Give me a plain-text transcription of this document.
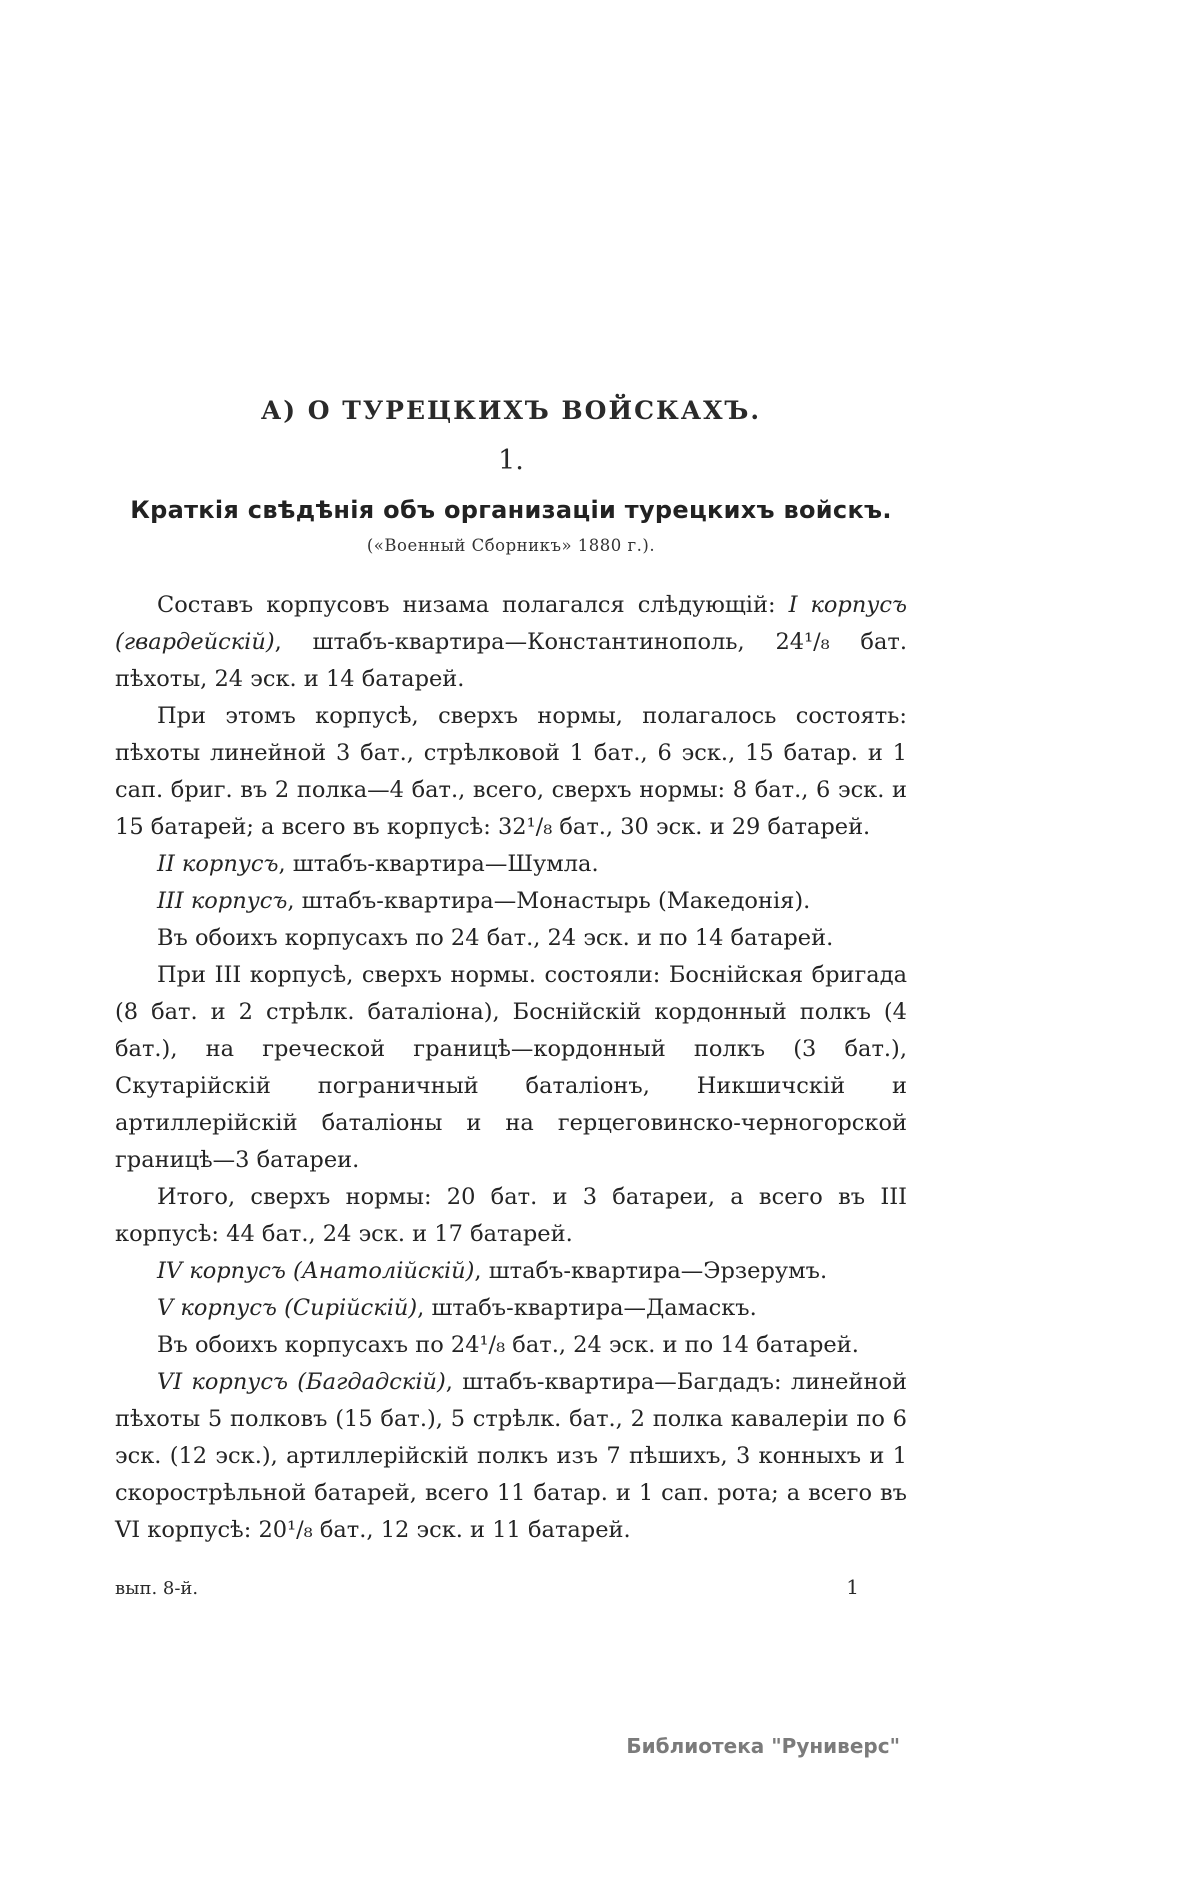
А) О ТУРЕЦКИХЪ ВОЙСКАХЪ.
1.
Краткія свѣдѣнія объ организаціи турецкихъ войскъ.
(«Военный Сборникъ» 1880 г.).

Составъ корпусовъ низама полагался слѣдующій: I корпусъ (гвардейскій), штабъ-квартира—Константинополь, 24¹/₈ бат. пѣхоты, 24 эск. и 14 батарей.

При этомъ корпусѣ, сверхъ нормы, полагалось состоять: пѣхоты линейной 3 бат., стрѣлковой 1 бат., 6 эск., 15 батар. и 1 сап. бриг. въ 2 полка—4 бат., всего, сверхъ нормы: 8 бат., 6 эск. и 15 батарей; а всего въ корпусѣ: 32¹/₈ бат., 30 эск. и 29 батарей.

II корпусъ, штабъ-квартира—Шумла.

III корпусъ, штабъ-квартира—Монастырь (Македонія).

Въ обоихъ корпусахъ по 24 бат., 24 эск. и по 14 батарей.

При III корпусѣ, сверхъ нормы. состояли: Боснійская бригада (8 бат. и 2 стрѣлк. баталіона), Боснійскій кордонный полкъ (4 бат.), на греческой границѣ—кордонный полкъ (3 бат.), Скутарійскій пограничный баталіонъ, Никшичскій и артиллерійскій баталіоны и на герцеговинско-черногорской границѣ—3 батареи.

Итого, сверхъ нормы: 20 бат. и 3 батареи, а всего въ III корпусѣ: 44 бат., 24 эск. и 17 батарей.

IV корпусъ (Анатолійскій), штабъ-квартира—Эрзерумъ.

V корпусъ (Сирійскій), штабъ-квартира—Дамаскъ.

Въ обоихъ корпусахъ по 24¹/₈ бат., 24 эск. и по 14 батарей.

VI корпусъ (Багдадскій), штабъ-квартира—Багдадъ: линейной пѣхоты 5 полковъ (15 бат.), 5 стрѣлк. бат., 2 полка кавалеріи по 6 эск. (12 эск.), артиллерійскій полкъ изъ 7 пѣшихъ, 3 конныхъ и 1 скорострѣльной батарей, всего 11 батар. и 1 сап. рота; а всего въ VI корпусѣ: 20¹/₈ бат., 12 эск. и 11 батарей.

вып. 8-й.	1
Библиотека "Руниверс"
